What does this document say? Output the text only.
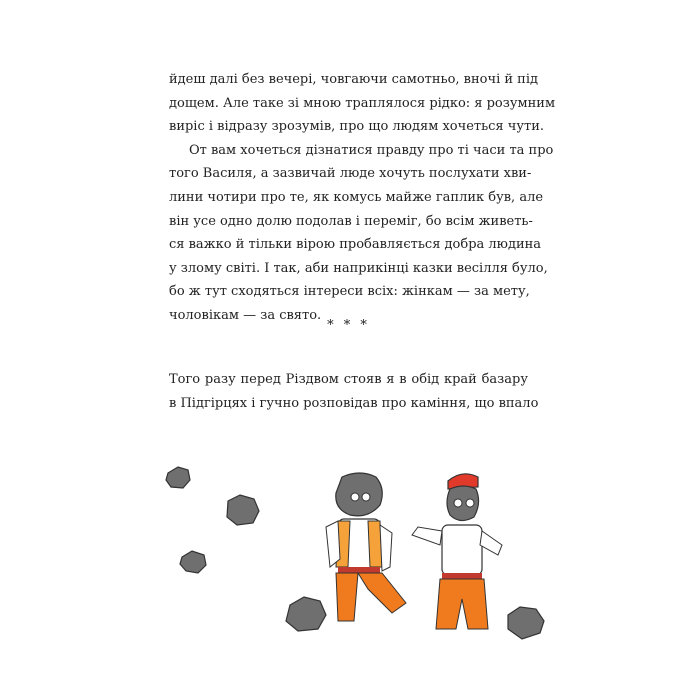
йдеш далі без вечері, човгаючи самотньо, вночі й під
дощем. Але таке зі мною траплялося рідко: я розумним
виріс і відразу зрозумів, про що людям хочеться чути.
От вам хочеться дізнатися правду про ті часи та про
того Василя, а зазвичай люде хочуть послухати хви-
лини чотири про те, як комусь майже гаплик був, але
він усе одно долю подолав і переміг, бо всім живеть-
ся важко й тільки вірою пробавляється добра людина
у злому світі. І так, аби наприкінці казки весілля було,
бо ж тут сходяться інтереси всіх: жінкам — за мету,
чоловікам — за свято.
* * *
Того разу перед Різдвом стояв я в обід край базару
в Підгірцях і гучно розповідав про каміння, що впало
